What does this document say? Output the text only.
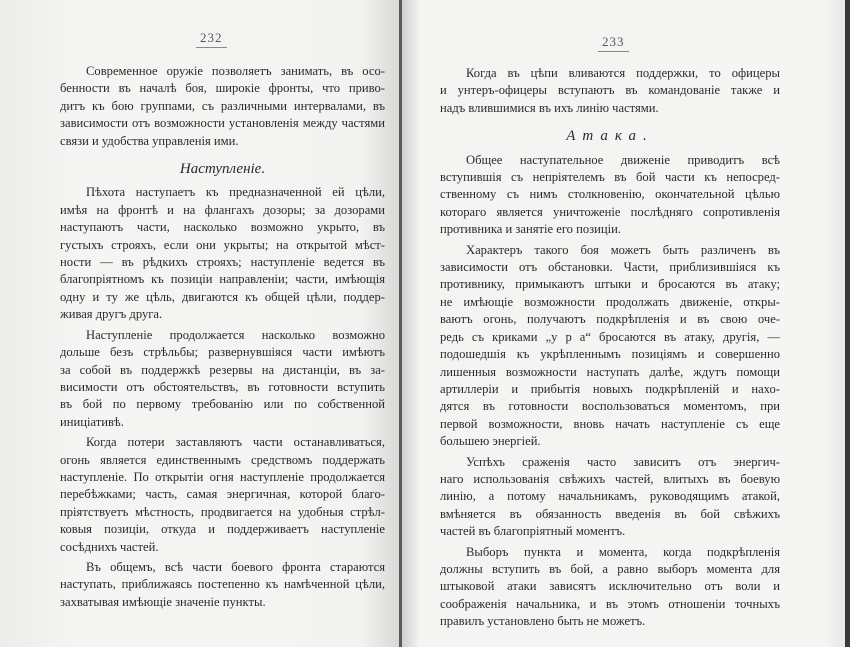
232
Современное оружіе позволяетъ занимать, въ осо-
бенности въ началѣ боя, широкіе фронты, что приво-
дитъ къ бою группами, съ различными интервалами, въ
зависимости отъ возможности установленія между частями
связи и удобства управленія ими.
Наступленіе.
Пѣхота наступаетъ къ предназначенной ей цѣли,
имѣя на фронтѣ и на флангахъ дозоры; за дозорами
наступаютъ части, насколько возможно укрыто, въ
густыхъ строяхъ, если они укрыты; на открытой мѣст-
ности — въ рѣдкихъ строяхъ; наступленіе ведется въ
благопріятномъ къ позиціи направленіи; части, имѣющія
одну и ту же цѣль, двигаются къ общей цѣли, поддер-
живая другъ друга.
Наступленіе продолжается насколько возможно
дольше безъ стрѣльбы; развернувшіяся части имѣютъ
за собой въ поддержкѣ резервы на дистанціи, въ за-
висимости отъ обстоятельствъ, въ готовности вступить
въ бой по первому требованію или по собственной
иниціативѣ.
Когда потери заставляютъ части останавливаться,
огонь является единственнымъ средствомъ поддержать
наступленіе. По открытіи огня наступленіе продолжается
перебѣжками; часть, самая энергичная, которой благо-
пріятствуетъ мѣстность, продвигается на удобныя стрѣл-
ковыя позиціи, откуда и поддерживаетъ наступленіе
сосѣднихъ частей.
Въ общемъ, всѣ части боевого фронта стараются
наступать, приближаясь постепенно къ намѣченной цѣли,
захватывая имѣющіе значеніе пункты.
233
Когда въ цѣпи вливаются поддержки, то офицеры
и унтеръ-офицеры вступаютъ въ командованіе также и
надъ влившимися въ ихъ линію частями.
Атака.
Общее наступательное движеніе приводитъ всѣ
вступившія съ непріятелемъ въ бой части къ непосред-
ственному съ нимъ столкновенію, окончательной цѣлью
котораго является уничтоженіе послѣдняго сопротивленія
противника и занятіе его позиціи.
Характеръ такого боя можетъ быть различенъ въ
зависимости отъ обстановки. Части, приблизившіяся къ
противнику, примыкаютъ штыки и бросаются въ атаку;
не имѣющіе возможности продолжать движеніе, откры-
ваютъ огонь, получаютъ подкрѣпленія и въ свою оче-
редь съ криками „у р а“ бросаются въ атаку, другія, —
подошедшія къ укрѣпленнымъ позиціямъ и совершенно
лишенныя возможности наступать далѣе, ждутъ помощи
артиллеріи и прибытія новыхъ подкрѣпленій и нахо-
дятся въ готовности воспользоваться моментомъ, при
первой возможности, вновь начать наступленіе съ еще
большею энергіей.
Успѣхъ сраженія часто зависитъ отъ энергич-
наго использованія свѣжихъ частей, влитыхъ въ боевую
линію, а потому начальникамъ, руководящимъ атакой,
вмѣняется въ обязанность введенія въ бой свѣжихъ
частей въ благопріятный моментъ.
Выборъ пункта и момента, когда подкрѣпленія
должны вступить въ бой, а равно выборъ момента для
штыковой атаки зависятъ исключительно отъ воли и
соображенія начальника, и въ этомъ отношеніи точныхъ
правилъ установлено быть не можетъ.
